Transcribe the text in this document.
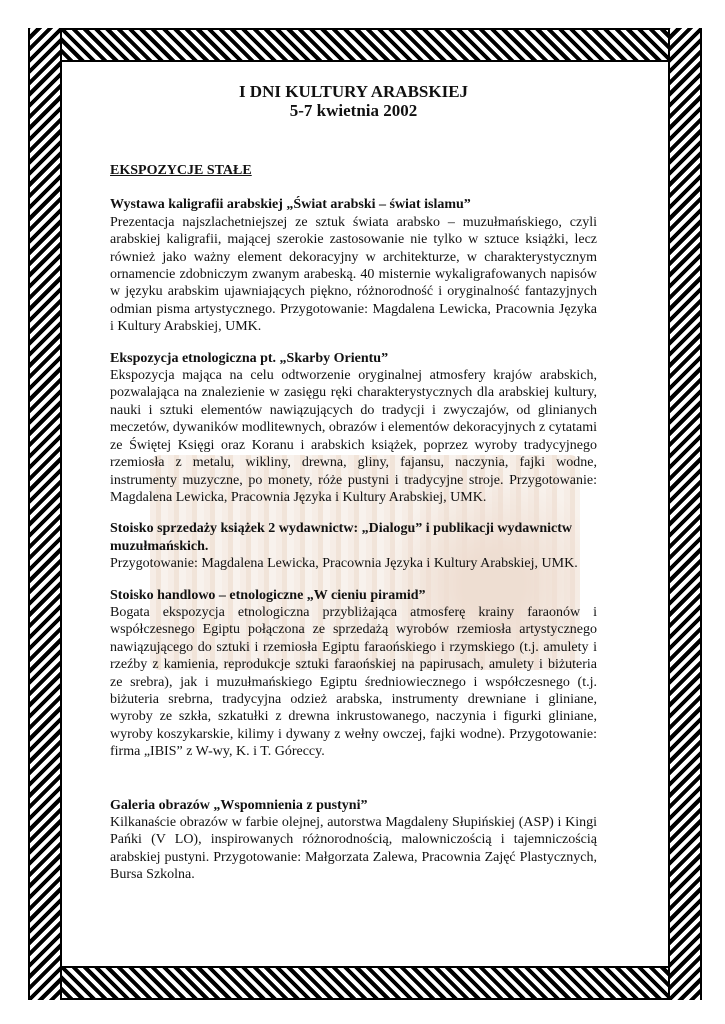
I DNI KULTURY ARABSKIEJ

5-7 kwietnia 2002

EKSPOZYCJE STAŁE

Wystawa kaligrafii arabskiej „Świat arabski – świat islamu”

Prezentacja najszlachetniejszej ze sztuk świata arabsko – muzułmańskiego, czyli arabskiej kaligrafii, mającej szerokie zastosowanie nie tylko w sztuce książki, lecz również jako ważny element dekoracyjny w architekturze, w charakterystycznym ornamencie zdobniczym zwanym arabeską. 40 misternie wykaligrafowanych napisów w języku arabskim ujawniających piękno, różnorodność i oryginalność fantazyjnych odmian pisma artystycznego. Przygotowanie: Magdalena Lewicka, Pracownia Języka i Kultury Arabskiej, UMK.

Ekspozycja etnologiczna pt. „Skarby Orientu”

Ekspozycja mająca na celu odtworzenie oryginalnej atmosfery krajów arabskich, pozwalająca na znalezienie w zasięgu ręki charakterystycznych dla arabskiej kultury, nauki i sztuki elementów nawiązujących do tradycji i zwyczajów, od glinianych meczetów, dywaników modlitewnych, obrazów i elementów dekoracyjnych z cytatami ze Świętej Księgi oraz Koranu i arabskich książek, poprzez wyroby tradycyjnego rzemiosła z metalu, wikliny, drewna, gliny, fajansu, naczynia, fajki wodne, instrumenty muzyczne, po monety, róże pustyni i tradycyjne stroje. Przygotowanie: Magdalena Lewicka, Pracownia Języka i Kultury Arabskiej, UMK.

Stoisko sprzedaży książek 2 wydawnictw: „Dialogu” i publikacji wydawnictw muzułmańskich.

Przygotowanie: Magdalena Lewicka, Pracownia Języka i Kultury Arabskiej, UMK.

Stoisko handlowo – etnologiczne „W cieniu piramid”

Bogata ekspozycja etnologiczna przybliżająca atmosferę krainy faraonów i współczesnego Egiptu połączona ze sprzedażą wyrobów rzemiosła artystycznego nawiązującego do sztuki i rzemiosła Egiptu faraońskiego i rzymskiego (t.j. amulety i rzeźby z kamienia, reprodukcje sztuki faraońskiej na papirusach, amulety i biżuteria ze srebra), jak i muzułmańskiego Egiptu średniowiecznego i współczesnego (t.j. biżuteria srebrna, tradycyjna odzież arabska, instrumenty drewniane i gliniane, wyroby ze szkła, szkatułki z drewna inkrustowanego, naczynia i figurki gliniane, wyroby koszykarskie, kilimy i dywany z wełny owczej, fajki wodne). Przygotowanie: firma „IBIS” z W-wy, K. i T. Góreccy.

Galeria obrazów „Wspomnienia z pustyni”

Kilkanaście obrazów w farbie olejnej, autorstwa Magdaleny Słupińskiej (ASP) i Kingi Pańki (V LO), inspirowanych różnorodnością, malowniczością i tajemniczością arabskiej pustyni. Przygotowanie: Małgorzata Zalewa, Pracownia Zajęć Plastycznych, Bursa Szkolna.
